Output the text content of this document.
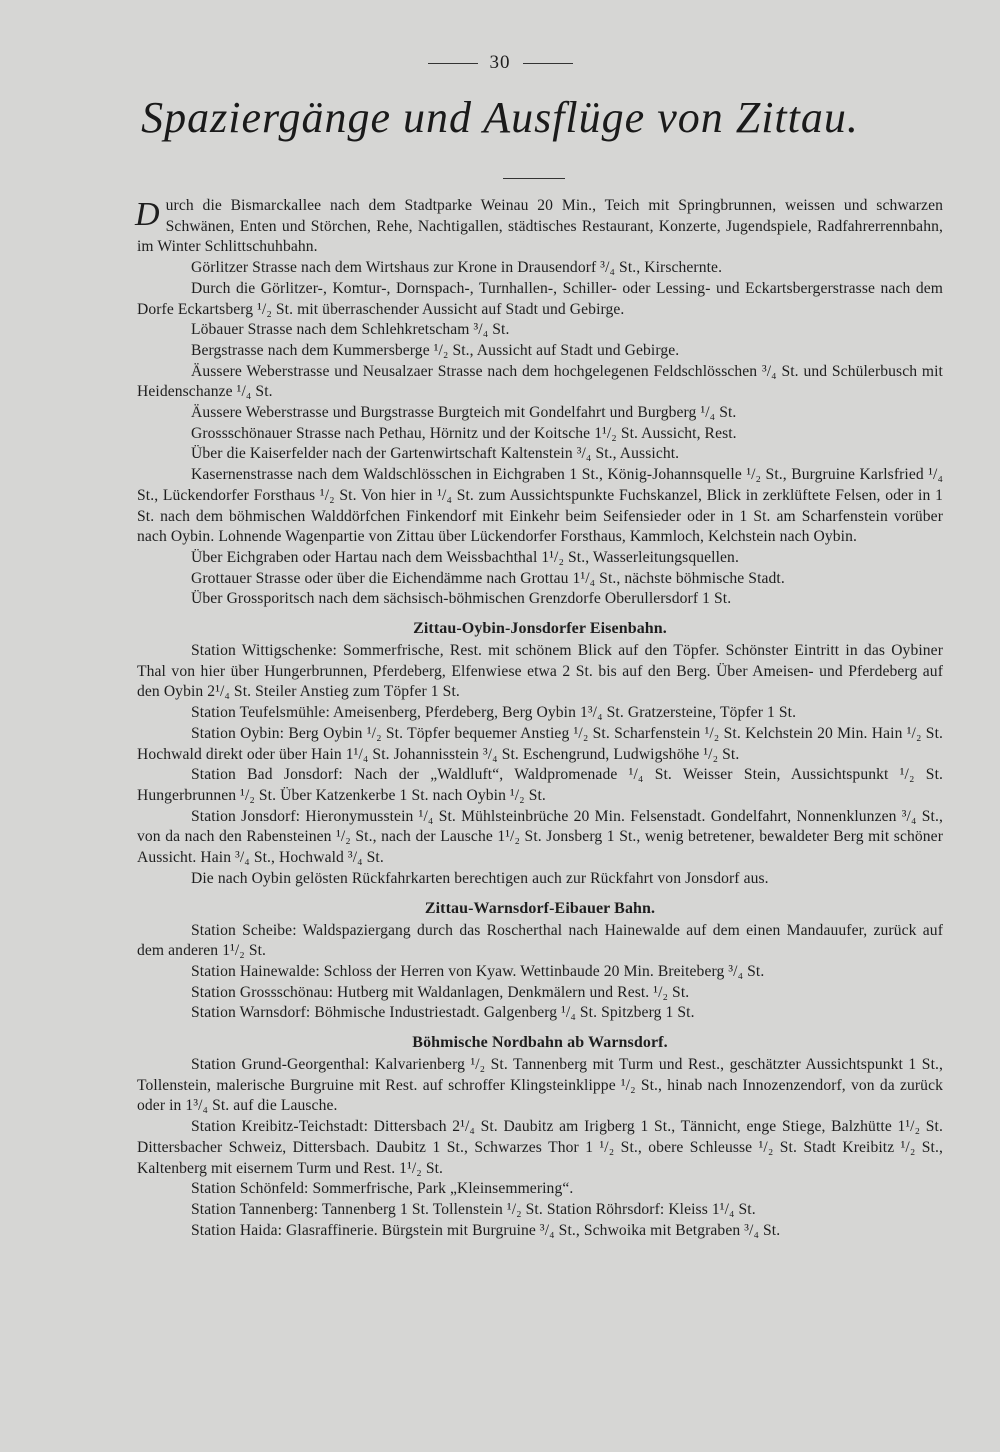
30
Spaziergänge und Ausflüge von Zittau.

Durch die Bismarckallee nach dem Stadtparke Weinau 20 Min., Teich mit Springbrunnen, weissen und schwarzen Schwänen, Enten und Störchen, Rehe, Nachtigallen, städtisches Restaurant, Konzerte, Jugendspiele, Radfahrerrennbahn, im Winter Schlittschuhbahn.

Görlitzer Strasse nach dem Wirtshaus zur Krone in Drausendorf ³/₄ St., Kirschernte.

Durch die Görlitzer-, Komtur-, Dornspach-, Turnhallen-, Schiller- oder Lessing- und Eckartsbergerstrasse nach dem Dorfe Eckartsberg ¹/₂ St. mit überraschender Aussicht auf Stadt und Gebirge.

Löbauer Strasse nach dem Schlehkretscham ³/₄ St.

Bergstrasse nach dem Kummersberge ¹/₂ St., Aussicht auf Stadt und Gebirge.

Äussere Weberstrasse und Neusalzaer Strasse nach dem hochgelegenen Feldschlösschen ³/₄ St. und Schülerbusch mit Heidenschanze ¹/₄ St.

Äussere Weberstrasse und Burgstrasse Burgteich mit Gondelfahrt und Burgberg ¹/₄ St.

Grossschönauer Strasse nach Pethau, Hörnitz und der Koitsche 1¹/₂ St. Aussicht, Rest.

Über die Kaiserfelder nach der Gartenwirtschaft Kaltenstein ³/₄ St., Aussicht.

Kasernenstrasse nach dem Waldschlösschen in Eichgraben 1 St., König-Johannsquelle ¹/₂ St., Burgruine Karlsfried ¹/₄ St., Lückendorfer Forsthaus ¹/₂ St. Von hier in ¹/₄ St. zum Aussichtspunkte Fuchskanzel, Blick in zerklüftete Felsen, oder in 1 St. nach dem böhmischen Walddörfchen Finkendorf mit Einkehr beim Seifensieder oder in 1 St. am Scharfenstein vorüber nach Oybin. Lohnende Wagenpartie von Zittau über Lückendorfer Forsthaus, Kammloch, Kelchstein nach Oybin.

Über Eichgraben oder Hartau nach dem Weissbachthal 1¹/₂ St., Wasserleitungsquellen.

Grottauer Strasse oder über die Eichendämme nach Grottau 1¹/₄ St., nächste böhmische Stadt.

Über Grossporitsch nach dem sächsisch-böhmischen Grenzdorfe Oberullersdorf 1 St.

Zittau-Oybin-Jonsdorfer Eisenbahn.

Station Wittigschenke: Sommerfrische, Rest. mit schönem Blick auf den Töpfer. Schönster Eintritt in das Oybiner Thal von hier über Hungerbrunnen, Pferdeberg, Elfenwiese etwa 2 St. bis auf den Berg. Über Ameisen- und Pferdeberg auf den Oybin 2¹/₄ St. Steiler Anstieg zum Töpfer 1 St.

Station Teufelsmühle: Ameisenberg, Pferdeberg, Berg Oybin 1³/₄ St. Gratzersteine, Töpfer 1 St.

Station Oybin: Berg Oybin ¹/₂ St. Töpfer bequemer Anstieg ¹/₂ St. Scharfenstein ¹/₂ St. Kelchstein 20 Min. Hain ¹/₂ St. Hochwald direkt oder über Hain 1¹/₄ St. Johannisstein ³/₄ St. Eschengrund, Ludwigshöhe ¹/₂ St.

Station Bad Jonsdorf: Nach der „Waldluft“, Waldpromenade ¹/₄ St. Weisser Stein, Aussichtspunkt ¹/₂ St. Hungerbrunnen ¹/₂ St. Über Katzenkerbe 1 St. nach Oybin ¹/₂ St.

Station Jonsdorf: Hieronymusstein ¹/₄ St. Mühlsteinbrüche 20 Min. Felsenstadt. Gondelfahrt, Nonnenklunzen ³/₄ St., von da nach den Rabensteinen ¹/₂ St., nach der Lausche 1¹/₂ St. Jonsberg 1 St., wenig betretener, bewaldeter Berg mit schöner Aussicht. Hain ³/₄ St., Hochwald ³/₄ St.

Die nach Oybin gelösten Rückfahrkarten berechtigen auch zur Rückfahrt von Jonsdorf aus.

Zittau-Warnsdorf-Eibauer Bahn.

Station Scheibe: Waldspaziergang durch das Roscherthal nach Hainewalde auf dem einen Mandauufer, zurück auf dem anderen 1¹/₂ St.

Station Hainewalde: Schloss der Herren von Kyaw. Wettinbaude 20 Min. Breiteberg ³/₄ St.

Station Grossschönau: Hutberg mit Waldanlagen, Denkmälern und Rest. ¹/₂ St.

Station Warnsdorf: Böhmische Industriestadt. Galgenberg ¹/₄ St. Spitzberg 1 St.

Böhmische Nordbahn ab Warnsdorf.

Station Grund-Georgenthal: Kalvarienberg ¹/₂ St. Tannenberg mit Turm und Rest., geschätzter Aussichtspunkt 1 St., Tollenstein, malerische Burgruine mit Rest. auf schroffer Klingsteinklippe ¹/₂ St., hinab nach Innozenzendorf, von da zurück oder in 1³/₄ St. auf die Lausche.

Station Kreibitz-Teichstadt: Dittersbach 2¹/₄ St. Daubitz am Irigberg 1 St., Tännicht, enge Stiege, Balzhütte 1¹/₂ St. Dittersbacher Schweiz, Dittersbach. Daubitz 1 St., Schwarzes Thor 1 ¹/₂ St., obere Schleusse ¹/₂ St. Stadt Kreibitz ¹/₂ St., Kaltenberg mit eisernem Turm und Rest. 1¹/₂ St.

Station Schönfeld: Sommerfrische, Park „Kleinsemmering“.

Station Tannenberg: Tannenberg 1 St. Tollenstein ¹/₂ St. Station Röhrsdorf: Kleiss 1¹/₄ St.

Station Haida: Glasraffinerie. Bürgstein mit Burgruine ³/₄ St., Schwoika mit Betgraben ³/₄ St.
